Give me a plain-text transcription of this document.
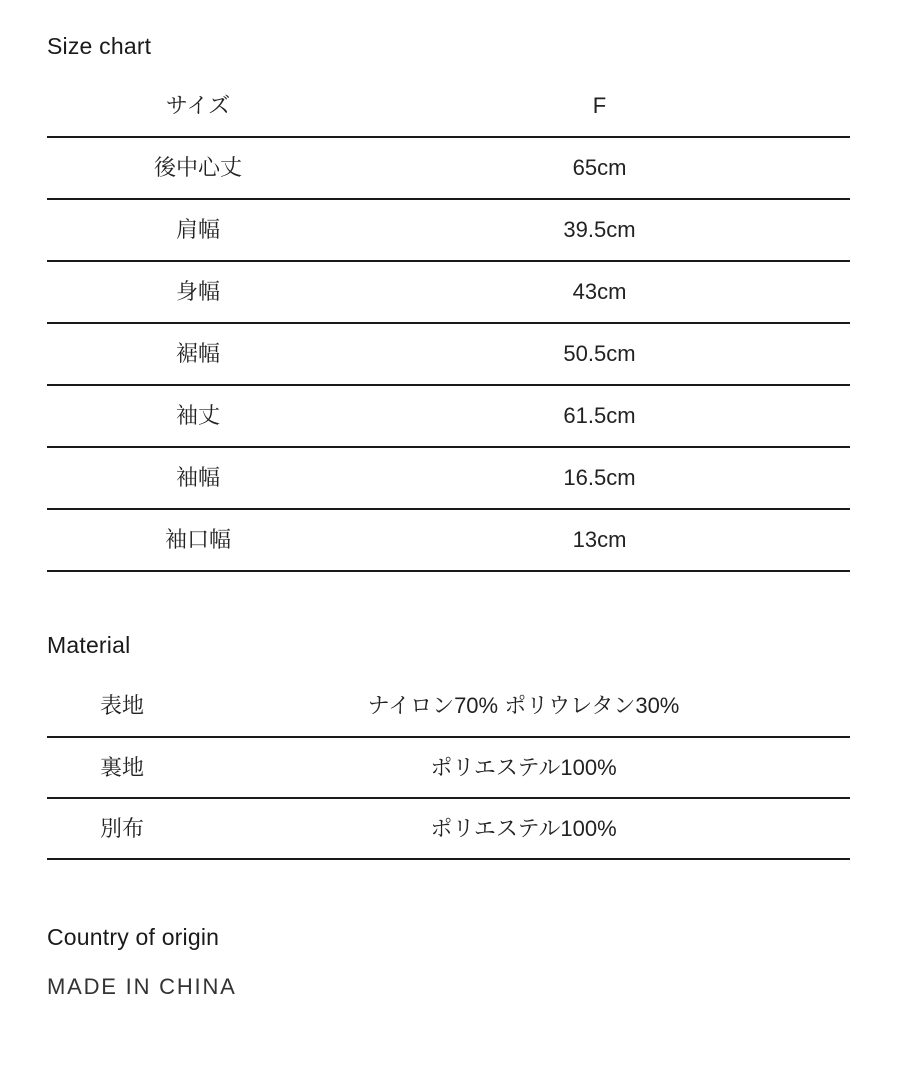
Size chart
サイズ	F
後中心丈	65cm
肩幅	39.5cm
身幅	43cm
裾幅	50.5cm
袖丈	61.5cm
袖幅	16.5cm
袖口幅	13cm
Material
表地	ナイロン70% ポリウレタン30%
裏地	ポリエステル100%
別布	ポリエステル100%
Country of origin

MADE IN CHINA
